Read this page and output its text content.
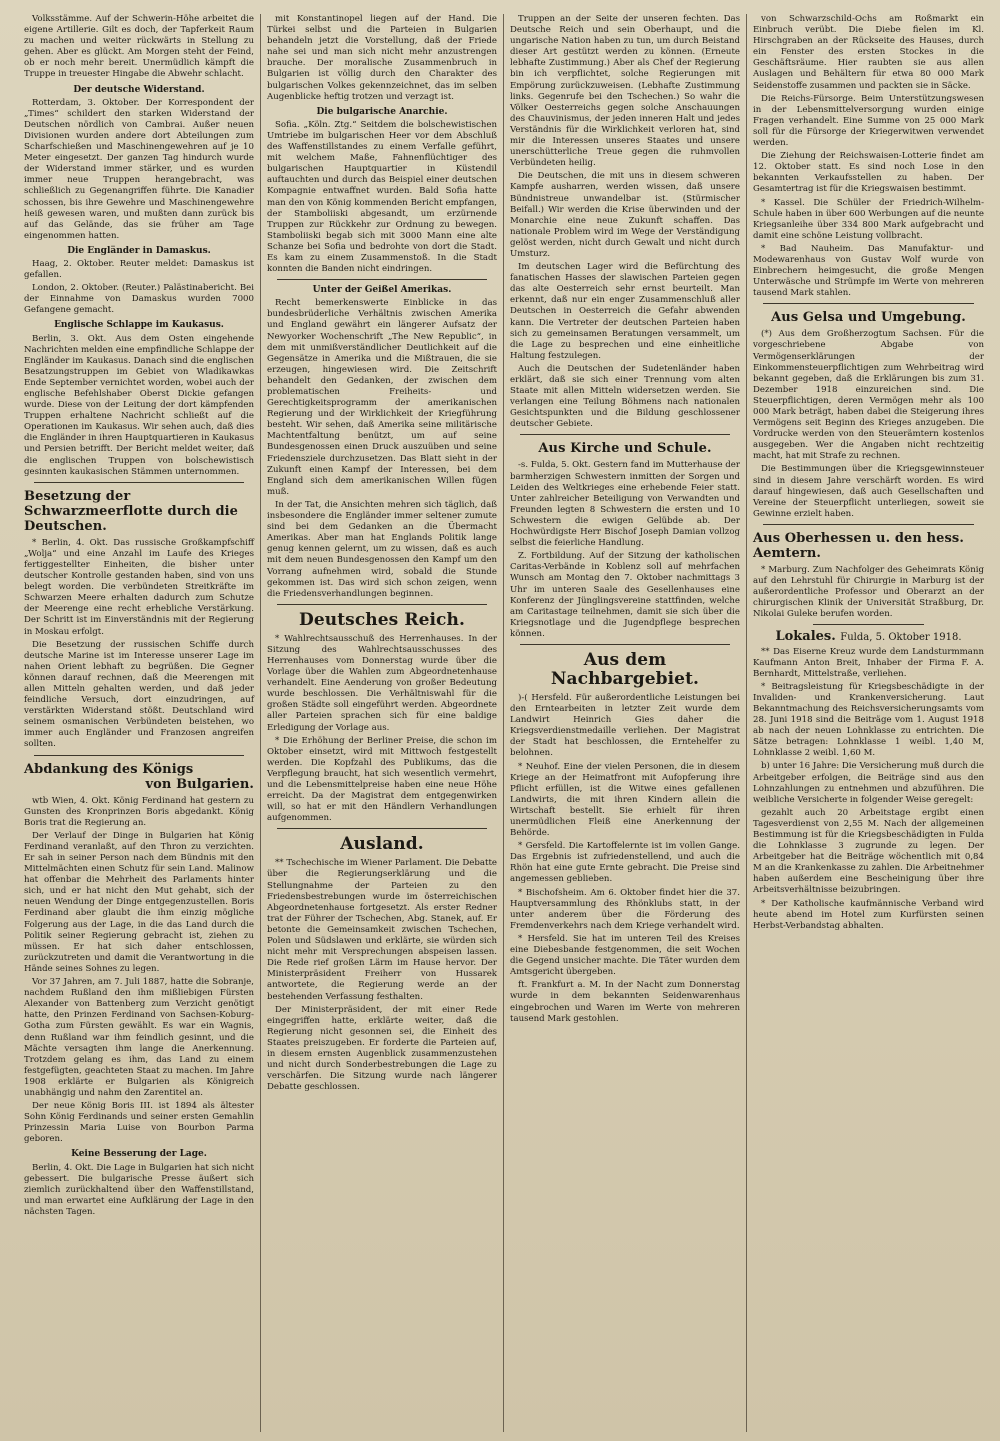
Volksstämme. Auf der Schwerin-Höhe arbeitet die eigene Artillerie. Gilt es doch, der Tapferkeit Raum zu machen und weiter rückwärts in Stellung zu gehen. Aber es glückt. Am Morgen steht der Feind, ob er noch mehr bereit. Unermüdlich kämpft die Truppe in treuester Hingabe die Abwehr schlacht.

Der deutsche Widerstand.

Rotterdam, 3. Oktober. Der Korrespondent der „Times“ schildert den starken Widerstand der Deutschen nördlich von Cambrai. Außer neuen Divisionen wurden andere dort Abteilungen zum Scharfschießen und Maschinengewehren auf je 10 Meter eingesetzt. Der ganzen Tag hindurch wurde der Widerstand immer stärker, und es wurden immer neue Truppen herangebracht, was schließlich zu Gegenangriffen führte. Die Kanadier schossen, bis ihre Gewehre und Maschinengewehre heiß gewesen waren, und mußten dann zurück bis auf das Gelände, das sie früher am Tage eingenommen hatten.

Die Engländer in Damaskus.

Haag, 2. Oktober. Reuter meldet: Damaskus ist gefallen.

London, 2. Oktober. (Reuter.) Palästinabericht. Bei der Einnahme von Damaskus wurden 7000 Gefangene gemacht.

Englische Schlappe im Kaukasus.

Berlin, 3. Okt. Aus dem Osten eingehende Nachrichten melden eine empfindliche Schlappe der Engländer im Kaukasus. Danach sind die englischen Besatzungstruppen im Gebiet von Wladikawkas Ende September vernichtet worden, wobei auch der englische Befehlshaber Oberst Dickie gefangen wurde. Diese von der Leitung der dort kämpfenden Truppen erhaltene Nachricht schließt auf die Operationen im Kaukasus. Wir sehen auch, daß dies die Engländer in ihren Hauptquartieren in Kaukasus und Persien betrifft. Der Bericht meldet weiter, daß die englischen Truppen von bolschewistisch gesinnten kaukasischen Stämmen unternommen.

Besetzung der Schwarzmeerflotte durch die Deutschen.

* Berlin, 4. Okt. Das russische Großkampfschiff „Wolja“ und eine Anzahl im Laufe des Krieges fertiggestellter Einheiten, die bisher unter deutscher Kontrolle gestanden haben, sind von uns belegt worden. Die verbündeten Streitkräfte im Schwarzen Meere erhalten dadurch zum Schutze der Meerenge eine recht erhebliche Verstärkung. Der Schritt ist im Einverständnis mit der Regierung in Moskau erfolgt.

Die Besetzung der russischen Schiffe durch deutsche Marine ist im Interesse unserer Lage im nahen Orient lebhaft zu begrüßen. Die Gegner können darauf rechnen, daß die Meerengen mit allen Mitteln gehalten werden, und daß jeder feindliche Versuch, dort einzudringen, auf verstärkten Widerstand stößt. Deutschland wird seinem osmanischen Verbündeten beistehen, wo immer auch Engländer und Franzosen angreifen sollten.

Abdankung des Königs
von Bulgarien.

wtb Wien, 4. Okt. König Ferdinand hat gestern zu Gunsten des Kronprinzen Boris abgedankt. König Boris trat die Regierung an.

Der Verlauf der Dinge in Bulgarien hat König Ferdinand veranlaßt, auf den Thron zu verzichten. Er sah in seiner Person nach dem Bündnis mit den Mittelmächten einen Schutz für sein Land. Malinow hat offenbar die Mehrheit des Parlaments hinter sich, und er hat nicht den Mut gehabt, sich der neuen Wendung der Dinge entgegenzustellen. Boris Ferdinand aber glaubt die ihm einzig mögliche Folgerung aus der Lage, in die das Land durch die Politik seiner Regierung gebracht ist, ziehen zu müssen. Er hat sich daher entschlossen, zurückzutreten und damit die Verantwortung in die Hände seines Sohnes zu legen.

Vor 37 Jahren, am 7. Juli 1887, hatte die Sobranje, nachdem Rußland den ihm mißliebigen Fürsten Alexander von Battenberg zum Verzicht genötigt hatte, den Prinzen Ferdinand von Sachsen-Koburg-Gotha zum Fürsten gewählt. Es war ein Wagnis, denn Rußland war ihm feindlich gesinnt, und die Mächte versagten ihm lange die Anerkennung. Trotzdem gelang es ihm, das Land zu einem festgefügten, geachteten Staat zu machen. Im Jahre 1908 erklärte er Bulgarien als Königreich unabhängig und nahm den Zarentitel an.

Der neue König Boris III. ist 1894 als ältester Sohn König Ferdinands und seiner ersten Gemahlin Prinzessin Maria Luise von Bourbon Parma geboren.

Keine Besserung der Lage.

Berlin, 4. Okt. Die Lage in Bulgarien hat sich nicht gebessert. Die bulgarische Presse äußert sich ziemlich zurückhaltend über den Waffenstillstand, und man erwartet eine Aufklärung der Lage in den nächsten Tagen.

mit Konstantinopel liegen auf der Hand. Die Türkei selbst und die Parteien in Bulgarien behandeln jetzt die Vorstellung, daß der Friede nahe sei und man sich nicht mehr anzustrengen brauche. Der moralische Zusammenbruch in Bulgarien ist völlig durch den Charakter des bulgarischen Volkes gekennzeichnet, das im selben Augenblicke heftig trotzen und verzagt ist.

Die bulgarische Anarchie.

Sofia. „Köln. Ztg.“ Seitdem die bolschewistischen Umtriebe im bulgarischen Heer vor dem Abschluß des Waffenstillstandes zu einem Verfalle geführt, mit welchem Maße, Fahnenflüchtiger des bulgarischen Hauptquartier in Küstendil auftauchten und durch das Beispiel einer deutschen Kompagnie entwaffnet wurden. Bald Sofia hatte man den von König kommenden Bericht empfangen, der Stamboliiski abgesandt, um erzürnende Truppen zur Rückkehr zur Ordnung zu bewegen. Stamboliiski begab sich mit 3000 Mann eine alte Schanze bei Sofia und bedrohte von dort die Stadt. Es kam zu einem Zusammenstoß. In die Stadt konnten die Banden nicht eindringen.

Unter der Geißel Amerikas.

Recht bemerkenswerte Einblicke in das bundesbrüderliche Verhältnis zwischen Amerika und England gewährt ein längerer Aufsatz der Newyorker Wochenschrift „The New Republic“, in dem mit unmißverständlicher Deutlichkeit auf die Gegensätze in Amerika und die Mißtrauen, die sie erzeugen, hingewiesen wird. Die Zeitschrift behandelt den Gedanken, der zwischen dem problematischen Freiheits- und Gerechtigkeitsprogramm der amerikanischen Regierung und der Wirklichkeit der Kriegführung besteht. Wir sehen, daß Amerika seine militärische Machtentfaltung benützt, um auf seine Bundesgenossen einen Druck auszuüben und seine Friedensziele durchzusetzen. Das Blatt sieht in der Zukunft einen Kampf der Interessen, bei dem England sich dem amerikanischen Willen fügen muß.

In der Tat, die Ansichten mehren sich täglich, daß insbesondere die Engländer immer seltener zumute sind bei dem Gedanken an die Übermacht Amerikas. Aber man hat Englands Politik lange genug kennen gelernt, um zu wissen, daß es auch mit dem neuen Bundesgenossen den Kampf um den Vorrang aufnehmen wird, sobald die Stunde gekommen ist. Das wird sich schon zeigen, wenn die Friedensverhandlungen beginnen.

Deutsches Reich.

* Wahlrechtsausschuß des Herrenhauses. In der Sitzung des Wahlrechtsausschusses des Herrenhauses vom Donnerstag wurde über die Vorlage über die Wahlen zum Abgeordnetenhause verhandelt. Eine Aenderung von großer Bedeutung wurde beschlossen. Die Verhältniswahl für die großen Städte soll eingeführt werden. Abgeordnete aller Parteien sprachen sich für eine baldige Erledigung der Vorlage aus.

* Die Erhöhung der Berliner Preise, die schon im Oktober einsetzt, wird mit Mittwoch festgestellt werden. Die Kopfzahl des Publikums, das die Verpflegung braucht, hat sich wesentlich vermehrt, und die Lebensmittelpreise haben eine neue Höhe erreicht. Da der Magistrat dem entgegenwirken will, so hat er mit den Händlern Verhandlungen aufgenommen.

Ausland.

** Tschechische im Wiener Parlament. Die Debatte über die Regierungserklärung und die Stellungnahme der Parteien zu den Friedensbestrebungen wurde im österreichischen Abgeordnetenhause fortgesetzt. Als erster Redner trat der Führer der Tschechen, Abg. Stanek, auf. Er betonte die Gemeinsamkeit zwischen Tschechen, Polen und Südslawen und erklärte, sie würden sich nicht mehr mit Versprechungen abspeisen lassen. Die Rede rief großen Lärm im Hause hervor. Der Ministerpräsident Freiherr von Hussarek antwortete, die Regierung werde an der bestehenden Verfassung festhalten.

Der Ministerpräsident, der mit einer Rede eingegriffen hatte, erklärte weiter, daß die Regierung nicht gesonnen sei, die Einheit des Staates preiszugeben. Er forderte die Parteien auf, in diesem ernsten Augenblick zusammenzustehen und nicht durch Sonderbestrebungen die Lage zu verschärfen. Die Sitzung wurde nach längerer Debatte geschlossen.

Truppen an der Seite der unseren fechten. Das Deutsche Reich und sein Oberhaupt, und die ungarische Nation haben zu tun, um durch Beistand dieser Art gestützt werden zu können. (Erneute lebhafte Zustimmung.) Aber als Chef der Regierung bin ich verpflichtet, solche Regierungen mit Empörung zurückzuweisen. (Lebhafte Zustimmung links. Gegenrufe bei den Tschechen.) So wahr die Völker Oesterreichs gegen solche Anschauungen des Chauvinismus, der jeden inneren Halt und jedes Verständnis für die Wirklichkeit verloren hat, sind mir die Interessen unseres Staates und unsere unerschütterliche Treue gegen die ruhmvollen Verbündeten heilig.

Die Deutschen, die mit uns in diesem schweren Kampfe ausharren, werden wissen, daß unsere Bündnistreue unwandelbar ist. (Stürmischer Beifall.) Wir werden die Krise überwinden und der Monarchie eine neue Zukunft schaffen. Das nationale Problem wird im Wege der Verständigung gelöst werden, nicht durch Gewalt und nicht durch Umsturz.

Im deutschen Lager wird die Befürchtung des fanatischen Hasses der slawischen Parteien gegen das alte Oesterreich sehr ernst beurteilt. Man erkennt, daß nur ein enger Zusammenschluß aller Deutschen in Oesterreich die Gefahr abwenden kann. Die Vertreter der deutschen Parteien haben sich zu gemeinsamen Beratungen versammelt, um die Lage zu besprechen und eine einheitliche Haltung festzulegen.

Auch die Deutschen der Sudetenländer haben erklärt, daß sie sich einer Trennung vom alten Staate mit allen Mitteln widersetzen werden. Sie verlangen eine Teilung Böhmens nach nationalen Gesichtspunkten und die Bildung geschlossener deutscher Gebiete.

Aus Kirche und Schule.

-s. Fulda, 5. Okt. Gestern fand im Mutterhause der barmherzigen Schwestern inmitten der Sorgen und Leiden des Weltkrieges eine erhebende Feier statt. Unter zahlreicher Beteiligung von Verwandten und Freunden legten 8 Schwestern die ersten und 10 Schwestern die ewigen Gelübde ab. Der Hochwürdigste Herr Bischof Joseph Damian vollzog selbst die feierliche Handlung.

Z. Fortbildung. Auf der Sitzung der katholischen Caritas-Verbände in Koblenz soll auf mehrfachen Wunsch am Montag den 7. Oktober nachmittags 3 Uhr im unteren Saale des Gesellenhauses eine Konferenz der Jünglingsvereine stattfinden, welche am Caritastage teilnehmen, damit sie sich über die Kriegsnotlage und die Jugendpflege besprechen können.

Aus dem Nachbargebiet.

)-( Hersfeld. Für außerordentliche Leistungen bei den Erntearbeiten in letzter Zeit wurde dem Landwirt Heinrich Gies daher die Kriegsverdienstmedaille verliehen. Der Magistrat der Stadt hat beschlossen, die Erntehelfer zu belohnen.

* Neuhof. Eine der vielen Personen, die in diesem Kriege an der Heimatfront mit Aufopferung ihre Pflicht erfüllen, ist die Witwe eines gefallenen Landwirts, die mit ihren Kindern allein die Wirtschaft bestellt. Sie erhielt für ihren unermüdlichen Fleiß eine Anerkennung der Behörde.

* Gersfeld. Die Kartoffelernte ist im vollen Gange. Das Ergebnis ist zufriedenstellend, und auch die Rhön hat eine gute Ernte gebracht. Die Preise sind angemessen geblieben.

* Bischofsheim. Am 6. Oktober findet hier die 37. Hauptversammlung des Rhönklubs statt, in der unter anderem über die Förderung des Fremdenverkehrs nach dem Kriege verhandelt wird.

* Hersfeld. Sie hat im unteren Teil des Kreises eine Diebesbande festgenommen, die seit Wochen die Gegend unsicher machte. Die Täter wurden dem Amtsgericht übergeben.

ft. Frankfurt a. M. In der Nacht zum Donnerstag wurde in dem bekannten Seidenwarenhaus eingebrochen und Waren im Werte von mehreren tausend Mark gestohlen.

von Schwarzschild-Ochs am Roßmarkt ein Einbruch verübt. Die Diebe fielen im Kl. Hirschgraben an der Rückseite des Hauses, durch ein Fenster des ersten Stockes in die Geschäftsräume. Hier raubten sie aus allen Auslagen und Behältern für etwa 80 000 Mark Seidenstoffe zusammen und packten sie in Säcke.

Die Reichs-Fürsorge. Beim Unterstützungswesen in der Lebensmittelversorgung wurden einige Fragen verhandelt. Eine Summe von 25 000 Mark soll für die Fürsorge der Kriegerwitwen verwendet werden.

Die Ziehung der Reichswaisen-Lotterie findet am 12. Oktober statt. Es sind noch Lose in den bekannten Verkaufsstellen zu haben. Der Gesamtertrag ist für die Kriegswaisen bestimmt.

* Kassel. Die Schüler der Friedrich-Wilhelm-Schule haben in über 600 Werbungen auf die neunte Kriegsanleihe über 334 800 Mark aufgebracht und damit eine schöne Leistung vollbracht.

* Bad Nauheim. Das Manufaktur- und Modewarenhaus von Gustav Wolf wurde von Einbrechern heimgesucht, die große Mengen Unterwäsche und Strümpfe im Werte von mehreren tausend Mark stahlen.

Aus Gelsa und Umgebung.

(*) Aus dem Großherzogtum Sachsen. Für die vorgeschriebene Abgabe von Vermögenserklärungen der Einkommensteuerpflichtigen zum Wehrbeitrag wird bekannt gegeben, daß die Erklärungen bis zum 31. Dezember 1918 einzureichen sind. Die Steuerpflichtigen, deren Vermögen mehr als 100 000 Mark beträgt, haben dabei die Steigerung ihres Vermögens seit Beginn des Krieges anzugeben. Die Vordrucke werden von den Steuerämtern kostenlos ausgegeben. Wer die Angaben nicht rechtzeitig macht, hat mit Strafe zu rechnen.

Die Bestimmungen über die Kriegsgewinnsteuer sind in diesem Jahre verschärft worden. Es wird darauf hingewiesen, daß auch Gesellschaften und Vereine der Steuerpflicht unterliegen, soweit sie Gewinne erzielt haben.

Aus Oberhessen u. den hess. Aemtern.

* Marburg. Zum Nachfolger des Geheimrats König auf den Lehrstuhl für Chirurgie in Marburg ist der außerordentliche Professor und Oberarzt an der chirurgischen Klinik der Universität Straßburg, Dr. Nikolai Guleke berufen worden.

Lokales. Fulda, 5. Oktober 1918.

** Das Eiserne Kreuz wurde dem Landsturmmann Kaufmann Anton Breit, Inhaber der Firma F. A. Bernhardt, Mittelstraße, verliehen.

* Beitragsleistung für Kriegsbeschädigte in der Invaliden- und Krankenversicherung. Laut Bekanntmachung des Reichsversicherungsamts vom 28. Juni 1918 sind die Beiträge vom 1. August 1918 ab nach der neuen Lohnklasse zu entrichten. Die Sätze betragen: Lohnklasse 1 weibl. 1,40 M, Lohnklasse 2 weibl. 1,60 M.

b) unter 16 Jahre: Die Versicherung muß durch die Arbeitgeber erfolgen, die Beiträge sind aus den Lohnzahlungen zu entnehmen und abzuführen. Die weibliche Versicherte in folgender Weise geregelt:

gezahlt auch 20 Arbeitstage ergibt einen Tagesverdienst von 2,55 M. Nach der allgemeinen Bestimmung ist für die Kriegsbeschädigten in Fulda die Lohnklasse 3 zugrunde zu legen. Der Arbeitgeber hat die Beiträge wöchentlich mit 0,84 M an die Krankenkasse zu zahlen. Die Arbeitnehmer haben außerdem eine Bescheinigung über ihre Arbeitsverhältnisse beizubringen.

* Der Katholische kaufmännische Verband wird heute abend im Hotel zum Kurfürsten seinen Herbst-Verbandstag abhalten.
